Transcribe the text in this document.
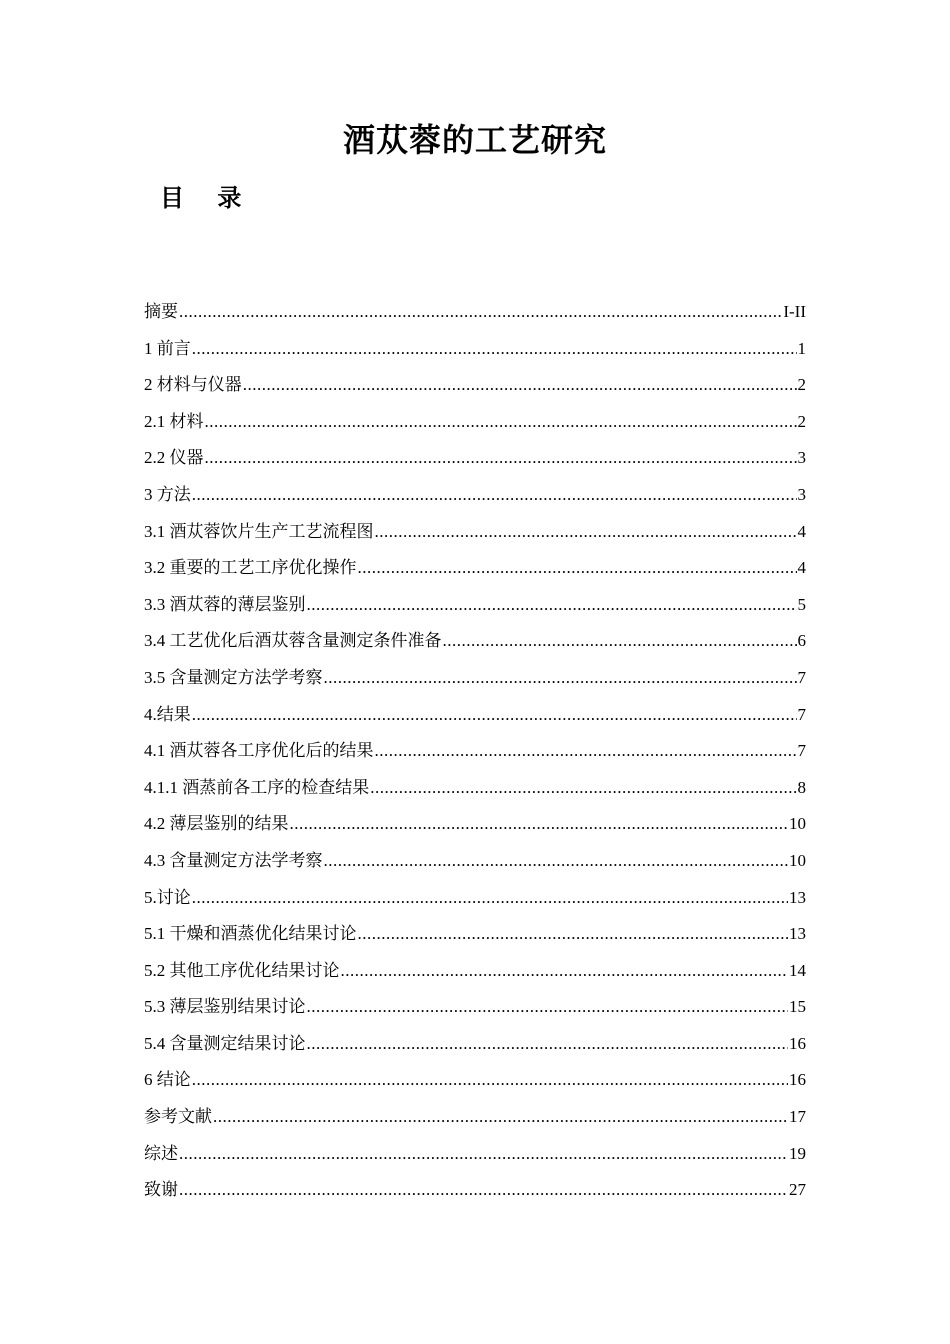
酒苁蓉的工艺研究
目    录
摘要 .....	I-II
1 前言 .....	1
2 材料与仪器 .....	2
2.1 材料 .....	2
2.2 仪器 .....	3
3 方法 .....	3
3.1 酒苁蓉饮片生产工艺流程图 .....	4
3.2 重要的工艺工序优化操作 .....	4
3.3 酒苁蓉的薄层鉴别 .....	5
3.4 工艺优化后酒苁蓉含量测定条件准备 .....	6
3.5 含量测定方法学考察 .....	7
4.结果 .....	7
4.1 酒苁蓉各工序优化后的结果 .....	7
4.1.1 酒蒸前各工序的检查结果 .....	8
4.2 薄层鉴别的结果 .....	10
4.3 含量测定方法学考察 .....	10
5.讨论 .....	13
5.1 干燥和酒蒸优化结果讨论 .....	13
5.2 其他工序优化结果讨论 .....	14
5.3 薄层鉴别结果讨论 .....	15
5.4 含量测定结果讨论 .....	16
6 结论 .....	16
参考文献 .....	17
综述 .....	19
致谢 .....	27
